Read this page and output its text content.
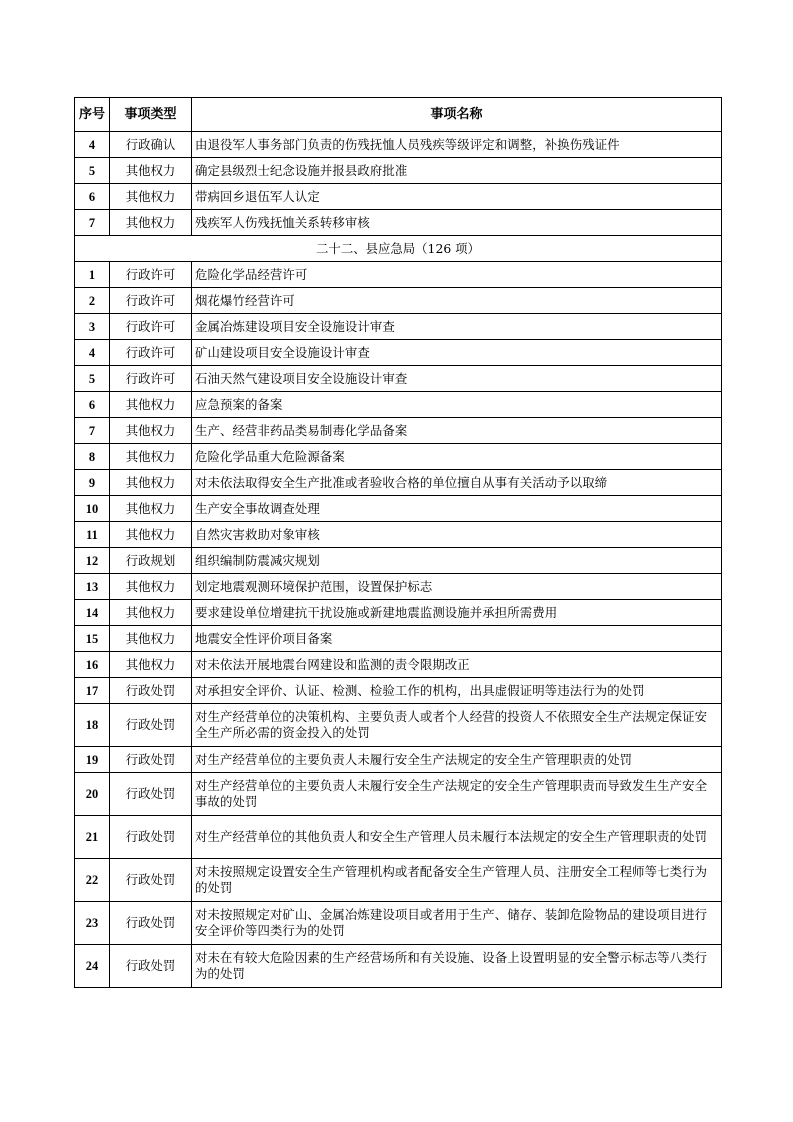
序号	事项类型	事项名称
4	行政确认	由退役军人事务部门负责的伤残抚恤人员残疾等级评定和调整，补换伤残证件
5	其他权力	确定县级烈士纪念设施并报县政府批准
6	其他权力	带病回乡退伍军人认定
7	其他权力	残疾军人伤残抚恤关系转移审核
二十二、县应急局（126 项）		
1	行政许可	危险化学品经营许可
2	行政许可	烟花爆竹经营许可
3	行政许可	金属冶炼建设项目安全设施设计审查
4	行政许可	矿山建设项目安全设施设计审查
5	行政许可	石油天然气建设项目安全设施设计审查
6	其他权力	应急预案的备案
7	其他权力	生产、经营非药品类易制毒化学品备案
8	其他权力	危险化学品重大危险源备案
9	其他权力	对未依法取得安全生产批准或者验收合格的单位擅自从事有关活动予以取缔
10	其他权力	生产安全事故调查处理
11	其他权力	自然灾害救助对象审核
12	行政规划	组织编制防震减灾规划
13	其他权力	划定地震观测环境保护范围，设置保护标志
14	其他权力	要求建设单位增建抗干扰设施或新建地震监测设施并承担所需费用
15	其他权力	地震安全性评价项目备案
16	其他权力	对未依法开展地震台网建设和监测的责令限期改正
17	行政处罚	对承担安全评价、认证、检测、检验工作的机构，出具虚假证明等违法行为的处罚
18	行政处罚	对生产经营单位的决策机构、主要负责人或者个人经营的投资人不依照安全生产法规定保证安全生产所必需的资金投入的处罚
19	行政处罚	对生产经营单位的主要负责人未履行安全生产法规定的安全生产管理职责的处罚
20	行政处罚	对生产经营单位的主要负责人未履行安全生产法规定的安全生产管理职责而导致发生生产安全事故的处罚
21	行政处罚	对生产经营单位的其他负责人和安全生产管理人员未履行本法规定的安全生产管理职责的处罚
22	行政处罚	对未按照规定设置安全生产管理机构或者配备安全生产管理人员、注册安全工程师等七类行为的处罚
23	行政处罚	对未按照规定对矿山、金属冶炼建设项目或者用于生产、储存、装卸危险物品的建设项目进行安全评价等四类行为的处罚
24	行政处罚	对未在有较大危险因素的生产经营场所和有关设施、设备上设置明显的安全警示标志等八类行为的处罚
